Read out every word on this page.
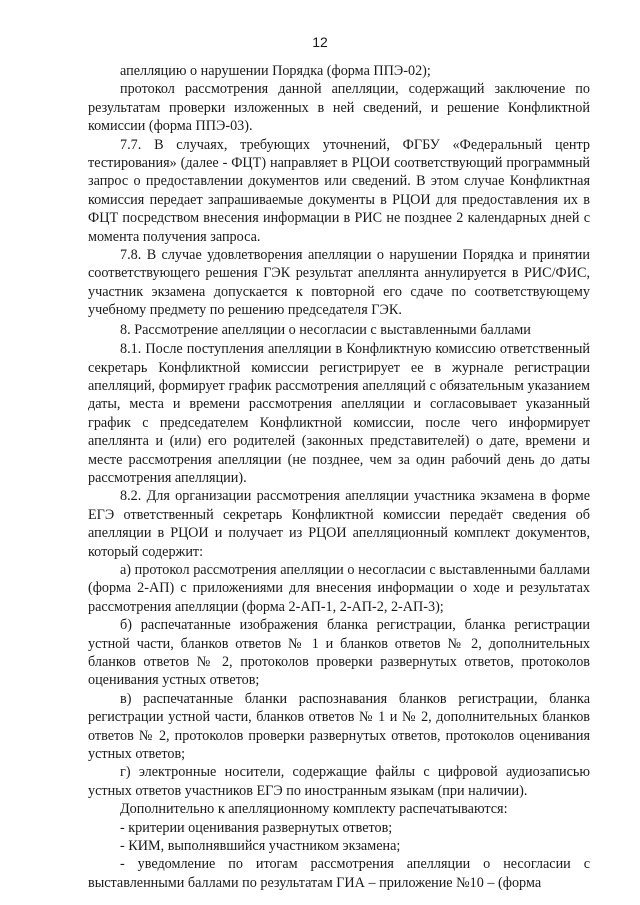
12

апелляцию о нарушении Порядка (форма ППЭ-02);

протокол рассмотрения данной апелляции, содержащий заключение по результатам проверки изложенных в ней сведений, и решение Конфликтной комиссии (форма ППЭ-03).

7.7. В случаях, требующих уточнений, ФГБУ «Федеральный центр тестирования» (далее - ФЦТ) направляет в РЦОИ соответствующий программный запрос о предоставлении документов или сведений. В этом случае Конфликтная комиссия передает запрашиваемые документы в РЦОИ для предоставления их в ФЦТ посредством внесения информации в РИС не позднее 2 календарных дней с момента получения запроса.

7.8. В случае удовлетворения апелляции о нарушении Порядка и принятии соответствующего решения ГЭК результат апеллянта аннулируется в РИС/ФИС, участник экзамена допускается к повторной его сдаче по соответствующему учебному предмету по решению председателя ГЭК.

8. Рассмотрение апелляции о несогласии с выставленными баллами

8.1. После поступления апелляции в Конфликтную комиссию ответственный секретарь Конфликтной комиссии регистрирует ее в журнале регистрации апелляций, формирует график рассмотрения апелляций с обязательным указанием даты, места и времени рассмотрения апелляции и согласовывает указанный график с председателем Конфликтной комиссии, после чего информирует апеллянта и (или) его родителей (законных представителей) о дате, времени и месте рассмотрения апелляции (не позднее, чем за один рабочий день до даты рассмотрения апелляции).

8.2. Для организации рассмотрения апелляции участника экзамена в форме ЕГЭ ответственный секретарь Конфликтной комиссии передаёт сведения об апелляции в РЦОИ и получает из РЦОИ апелляционный комплект документов, который содержит:

а) протокол рассмотрения апелляции о несогласии с выставленными баллами (форма 2-АП) с приложениями для внесения информации о ходе и результатах рассмотрения апелляции (форма 2-АП-1, 2-АП-2, 2-АП-3);

б) распечатанные изображения бланка регистрации, бланка регистрации устной части, бланков ответов № 1 и бланков ответов № 2, дополнительных бланков ответов № 2, протоколов проверки развернутых ответов, протоколов оценивания устных ответов;

в) распечатанные бланки распознавания бланков регистрации, бланка регистрации устной части, бланков ответов № 1 и № 2, дополнительных бланков ответов № 2, протоколов проверки развернутых ответов, протоколов оценивания устных ответов;

г) электронные носители, содержащие файлы с цифровой аудиозаписью устных ответов участников ЕГЭ по иностранным языкам (при наличии).

Дополнительно к апелляционному комплекту распечатываются:

- критерии оценивания развернутых ответов;

- КИМ, выполнявшийся участником экзамена;

- уведомление по итогам рассмотрения апелляции о несогласии с выставленными баллами по результатам ГИА – приложение №10 – (форма
